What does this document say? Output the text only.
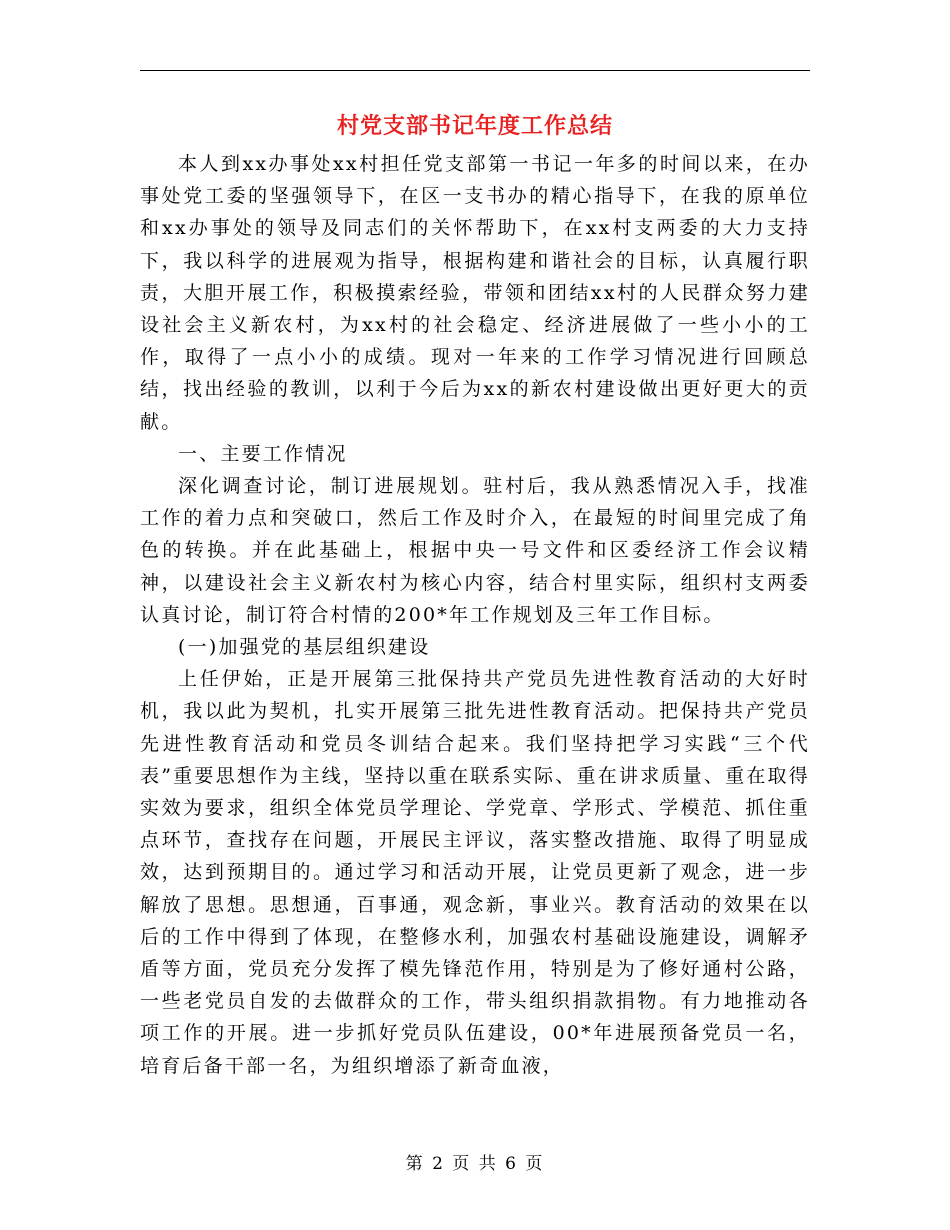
村党支部书记年度工作总结

本人到xx办事处xx村担任党支部第一书记一年多的时间以来，在办事处党工委的坚强领导下，在区一支书办的精心指导下，在我的原单位和xx办事处的领导及同志们的关怀帮助下，在xx村支两委的大力支持下，我以科学的进展观为指导，根据构建和谐社会的目标，认真履行职责，大胆开展工作，积极摸索经验，带领和团结xx村的人民群众努力建设社会主义新农村，为xx村的社会稳定、经济进展做了一些小小的工作，取得了一点小小的成绩。现对一年来的工作学习情况进行回顾总结，找出经验的教训，以利于今后为xx的新农村建设做出更好更大的贡献。

一、主要工作情况

深化调查讨论，制订进展规划。驻村后，我从熟悉情况入手，找准工作的着力点和突破口，然后工作及时介入，在最短的时间里完成了角色的转换。并在此基础上，根据中央一号文件和区委经济工作会议精神，以建设社会主义新农村为核心内容，结合村里实际，组织村支两委认真讨论，制订符合村情的200*年工作规划及三年工作目标。

(一)加强党的基层组织建设

上任伊始，正是开展第三批保持共产党员先进性教育活动的大好时机，我以此为契机，扎实开展第三批先进性教育活动。把保持共产党员先进性教育活动和党员冬训结合起来。我们坚持把学习实践“三个代表”重要思想作为主线，坚持以重在联系实际、重在讲求质量、重在取得实效为要求，组织全体党员学理论、学党章、学形式、学模范、抓住重点环节，查找存在问题，开展民主评议，落实整改措施、取得了明显成效，达到预期目的。通过学习和活动开展，让党员更新了观念，进一步解放了思想。思想通，百事通，观念新，事业兴。教育活动的效果在以后的工作中得到了体现，在整修水利，加强农村基础设施建设，调解矛盾等方面，党员充分发挥了模先锋范作用，特别是为了修好通村公路，一些老党员自发的去做群众的工作，带头组织捐款捐物。有力地推动各项工作的开展。进一步抓好党员队伍建设，00*年进展预备党员一名，培育后备干部一名，为组织增添了新奇血液，

第 2 页 共 6 页
